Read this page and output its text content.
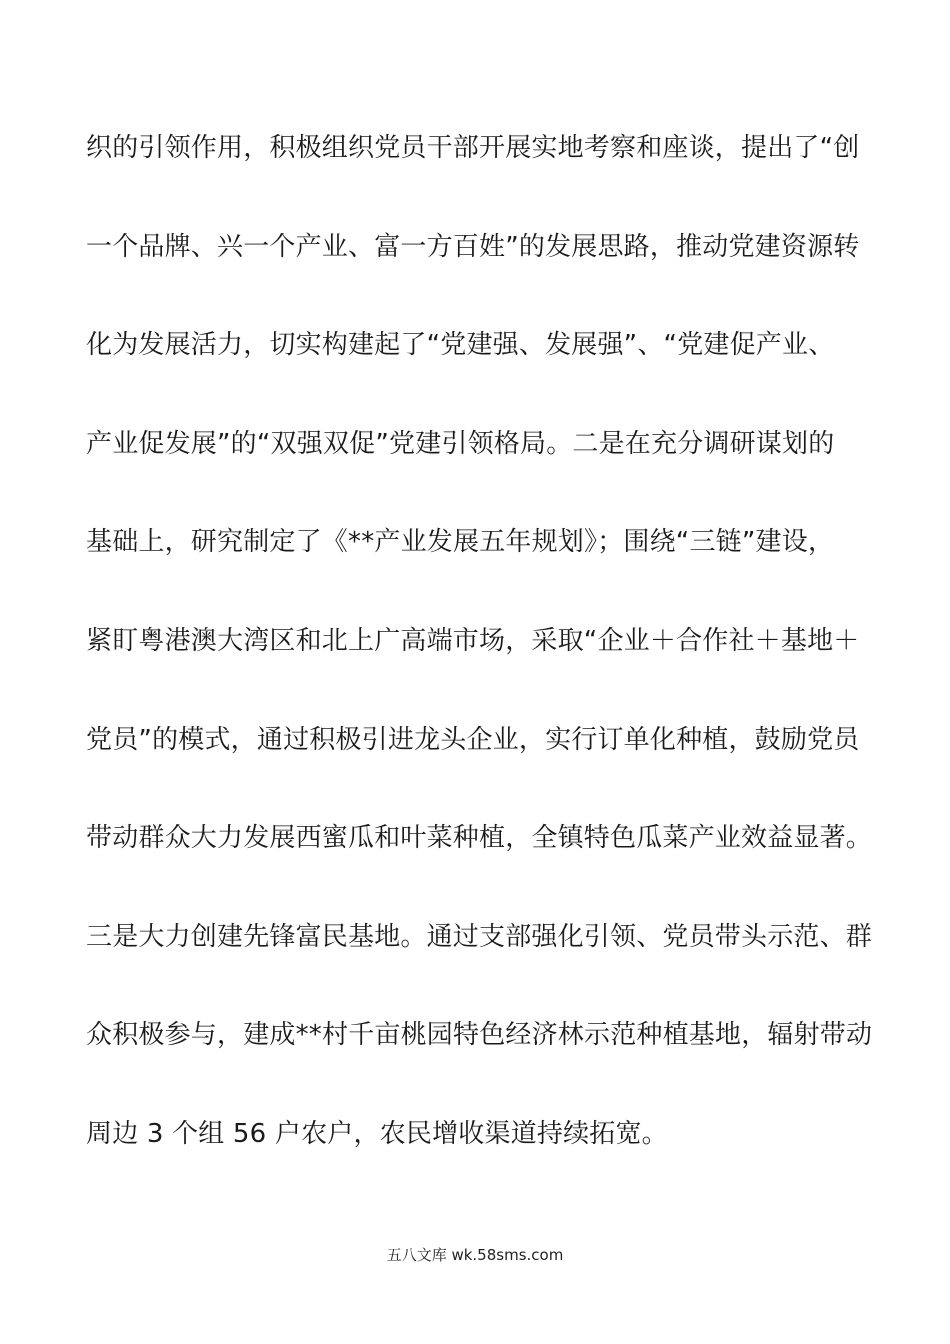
织的引领作用，积极组织党员干部开展实地考察和座谈，提出了“创
一个品牌、兴一个产业、富一方百姓”的发展思路，推动党建资源转
化为发展活力，切实构建起了“党建强、发展强”、“党建促产业、
产业促发展”的“双强双促”党建引领格局。二是在充分调研谋划的
基础上，研究制定了《**产业发展五年规划》；围绕“三链”建设，
紧盯粤港澳大湾区和北上广高端市场，采取“企业＋合作社＋基地＋
党员”的模式，通过积极引进龙头企业，实行订单化种植，鼓励党员
带动群众大力发展西蜜瓜和叶菜种植，全镇特色瓜菜产业效益显著。
三是大力创建先锋富民基地。通过支部强化引领、党员带头示范、群
众积极参与，建成**村千亩桃园特色经济林示范种植基地，辐射带动
周边 3 个组 56 户农户，农民增收渠道持续拓宽。
五八文库 wk.58sms.com
